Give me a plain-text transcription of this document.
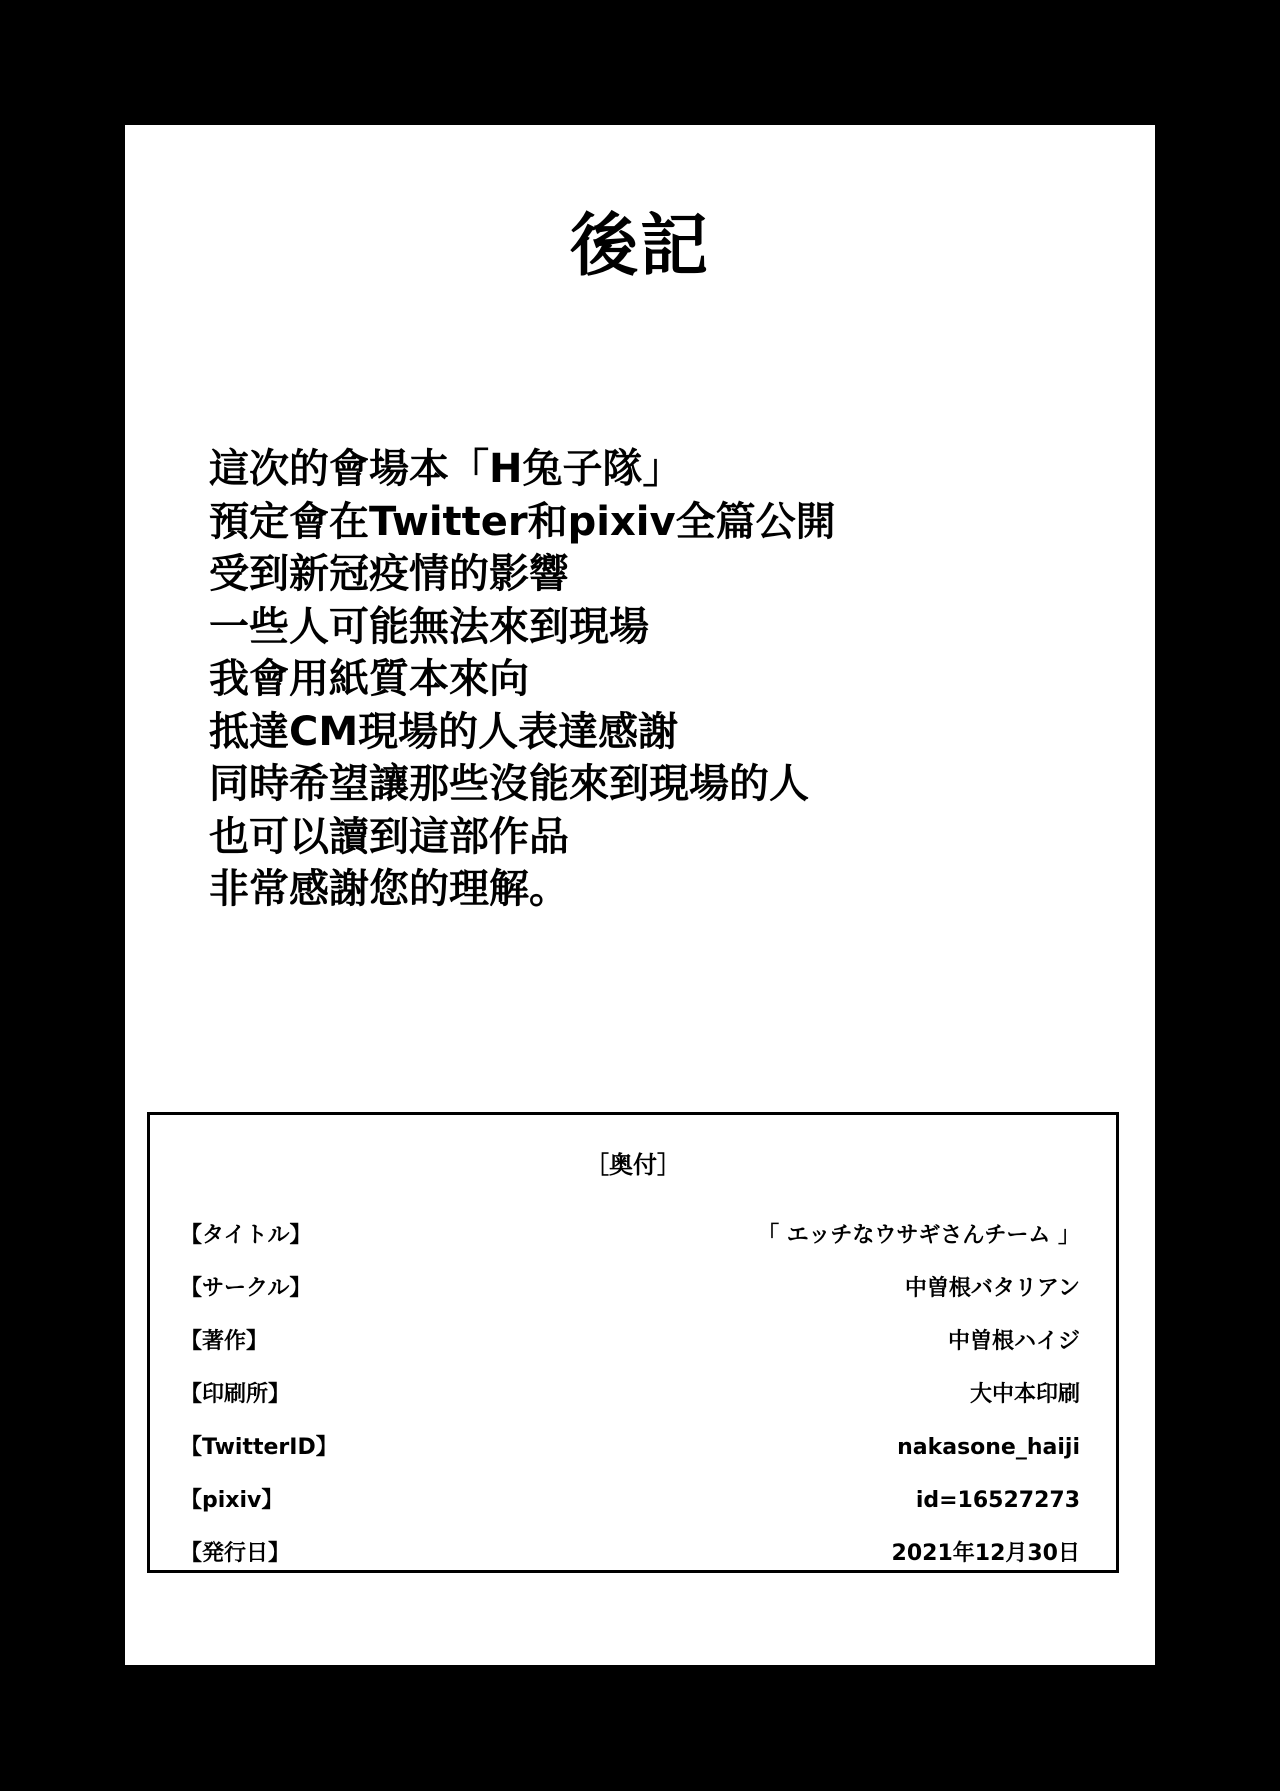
後記
這次的會場本「H兔子隊」
預定會在Twitter和pixiv全篇公開
受到新冠疫情的影響
一些人可能無法來到現場
我會用紙質本來向
抵達CM現場的人表達感謝
同時希望讓那些沒能來到現場的人
也可以讀到這部作品
非常感謝您的理解。
［奥付］
【タイトル】	「 エッチなウサギさんチーム 」
【サークル】	中曽根バタリアン
【著作】	中曽根ハイジ
【印刷所】	大中本印刷
【TwitterID】	nakasone_haiji
【pixiv】	id=16527273
【発行日】	2021年12月30日
